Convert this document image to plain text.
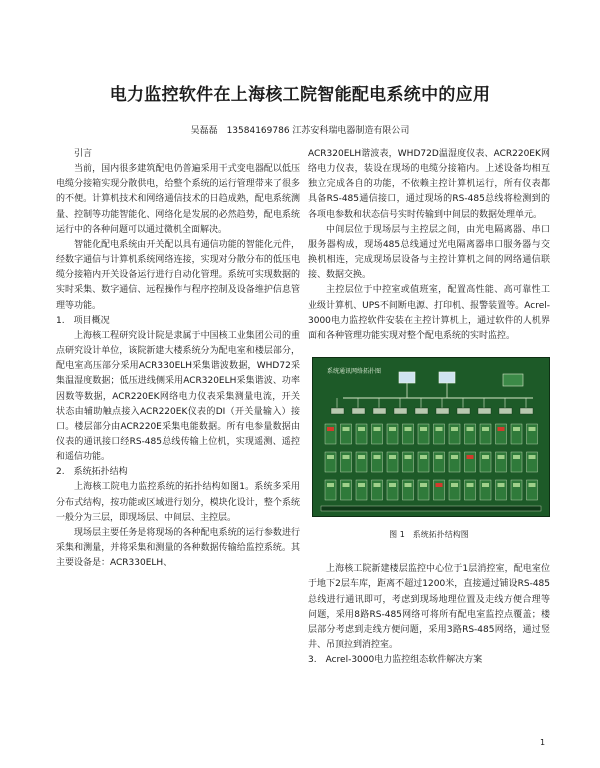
电力监控软件在上海核工院智能配电系统中的应用
吴磊磊　13584169786 江苏安科瑞电器制造有限公司

引言

当前，国内很多建筑配电仍普遍采用干式变电器配以低压电缆分接箱实现分散供电，给整个系统的运行管理带来了很多的不便。计算机技术和网络通信技术的日趋成熟，配电系统测量、控制等功能智能化、网络化是发展的必然趋势，配电系统运行中的各种问题可以通过微机全面解决。

智能化配电系统由开关配以具有通信功能的智能化元件，经数字通信与计算机系统网络连接，实现对分散分布的低压电缆分接箱内开关设备运行进行自动化管理。系统可实现数据的实时采集、数字通信、远程操作与程序控制及设备维护信息管理等功能。

1.　项目概况

上海核工程研究设计院是隶属于中国核工业集团公司的重点研究设计单位，该院新建大楼系统分为配电室和楼层部分，配电室高压部分采用ACR330ELH采集谐波数据，WHD72采集温湿度数据；低压进线侧采用ACR320ELH采集谐波、功率因数等数据，ACR220EK网络电力仪表采集测量电流，开关状态由辅助触点接入ACR220EK仪表的DI（开关量输入）接口。楼层部分由ACR220E采集电能数据。所有电参量数据由仪表的通讯接口经RS-485总线传输上位机，实现遥测、遥控和遥信功能。

2.　系统拓扑结构

上海核工院电力监控系统的拓扑结构如图1。系统多采用分布式结构，按功能或区域进行划分，模块化设计，整个系统一般分为三层，即现场层、中间层、主控层。

现场层主要任务是将现场的各种配电系统的运行参数进行采集和测量，并将采集和测量的各种数据传输给监控系统。其主要设备是：ACR330ELH、

ACR320ELH谐波表，WHD72D温湿度仪表、ACR220EK网络电力仪表，装设在现场的电缆分接箱内。上述设备均相互独立完成各自的功能，不依赖主控计算机运行，所有仪表都具备RS-485通信接口，通过现场的RS-485总线将检测到的各项电参数和状态信号实时传输到中间层的数据处理单元。

中间层位于现场层与主控层之间，由光电隔离器、串口服务器构成，现场485总线通过光电隔离器串口服务器与交换机相连，完成现场层设备与主控计算机之间的网络通信联接、数据交换。

主控层位于中控室或值班室，配置高性能、高可靠性工业级计算机、UPS不间断电源、打印机、报警装置等。Acrel-3000电力监控软件安装在主控计算机上，通过软件的人机界面和各种管理功能实现对整个配电系统的实时监控。

系统通讯网络拓扑图
图 1　系统拓扑结构图

上海核工院新建楼层监控中心位于1层消控室，配电室位于地下2层车库，距离不超过1200米，直接通过铺设RS-485总线进行通讯即可，考虑到现场地理位置及走线方便合理等问题，采用8路RS-485网络可将所有配电室监控点覆盖；楼层部分考虑到走线方便问题，采用3路RS-485网络，通过竖井、吊顶拉到消控室。

3.　Acrel-3000电力监控组态软件解决方案

1
